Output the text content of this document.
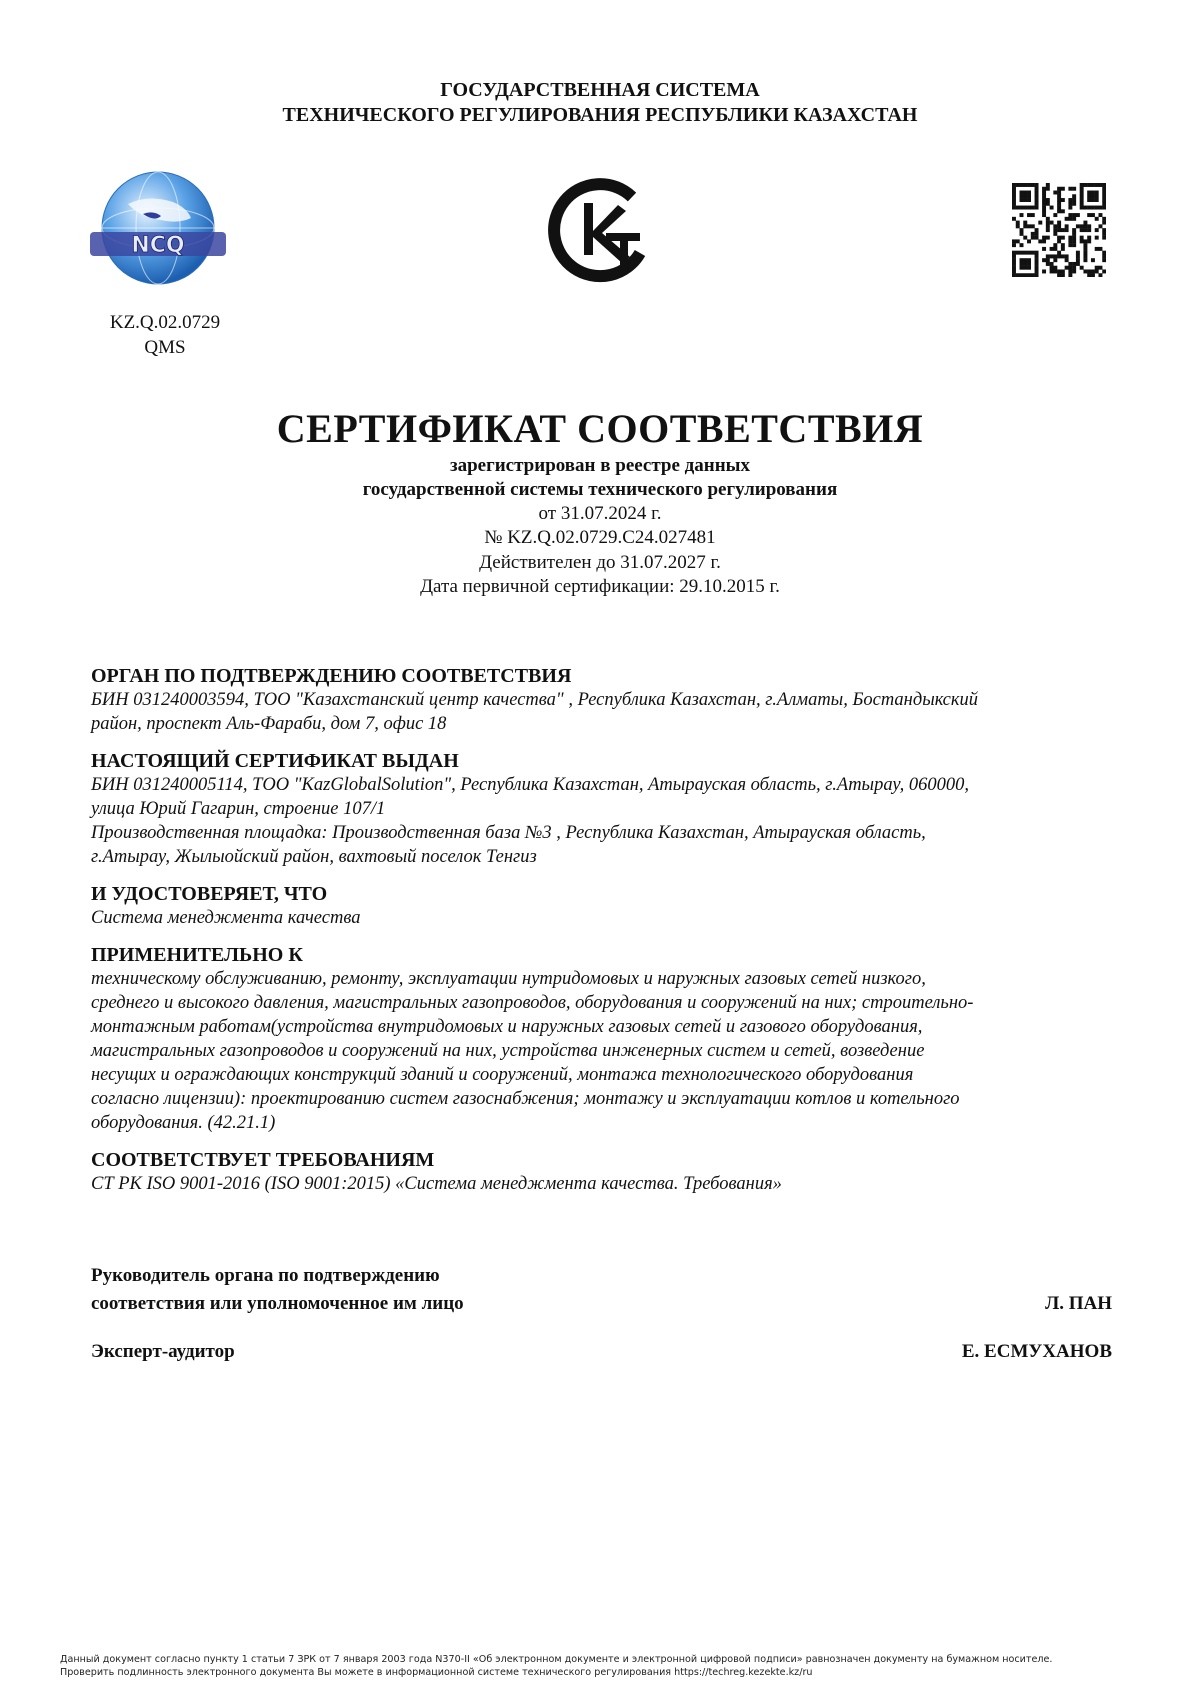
ГОСУДАРСТВЕННАЯ СИСТЕМА
ТЕХНИЧЕСКОГО РЕГУЛИРОВАНИЯ РЕСПУБЛИКИ КАЗАХСТАН
NCQ
KZ.Q.02.0729
QMS
СЕРТИФИКАТ СООТВЕТСТВИЯ
зарегистрирован в реестре данных
государственной системы технического регулирования
от 31.07.2024 г.
№ KZ.Q.02.0729.C24.027481
Действителен до 31.07.2027 г.
Дата первичной сертификации: 29.10.2015 г.

ОРГАН ПО ПОДТВЕРЖДЕНИЮ СООТВЕТСТВИЯ

БИН 031240003594, ТОО "Казахстанский центр качества" , Республика Казахстан, г.Алматы, Бостандыкский

район, проспект Аль-Фараби, дом 7, офис 18

НАСТОЯЩИЙ СЕРТИФИКАТ ВЫДАН

БИН 031240005114, ТОО "KazGlobalSolution", Республика Казахстан, Атырауская область, г.Атырау, 060000,

улица Юрий Гагарин, строение 107/1

Производственная площадка: Производственная база №3 , Республика Казахстан, Атырауская область,

г.Атырау, Жылыойский район, вахтовый поселок Тенгиз

И УДОСТОВЕРЯЕТ, ЧТО

Система менеджмента качества

ПРИМЕНИТЕЛЬНО К

техническому обслуживанию, ремонту, эксплуатации нутридомовых и наружных газовых сетей низкого,

среднего и высокого давления, магистральных газопроводов, оборудования и сооружений на них; строительно-

монтажным работам(устройства внутридомовых и наружных газовых сетей и газового оборудования,

магистральных газопроводов и сооружений на них, устройства инженерных систем и сетей, возведение

несущих и ограждающих конструкций зданий и сооружений, монтажа технологического оборудования

согласно лицензии): проектированию систем газоснабжения; монтажу и эксплуатации котлов и котельного

оборудования. (42.21.1)

СООТВЕТСТВУЕТ ТРЕБОВАНИЯМ

СТ РК ISO 9001-2016 (ISO 9001:2015) «Система менеджмента качества. Требования»

Руководитель органа по подтверждению
соответствия или уполномоченное им лицо	Л. ПАН
Эксперт-аудитор	Е. ЕСМУХАНОВ
Данный документ согласно пункту 1 статьи 7 ЗРК от 7 января 2003 года N370-II «Об электронном документе и электронной цифровой подписи» равнозначен документу на бумажном носителе.
Проверить подлинность электронного документа Вы можете в информационной системе технического регулирования https://techreg.kezekte.kz/ru
